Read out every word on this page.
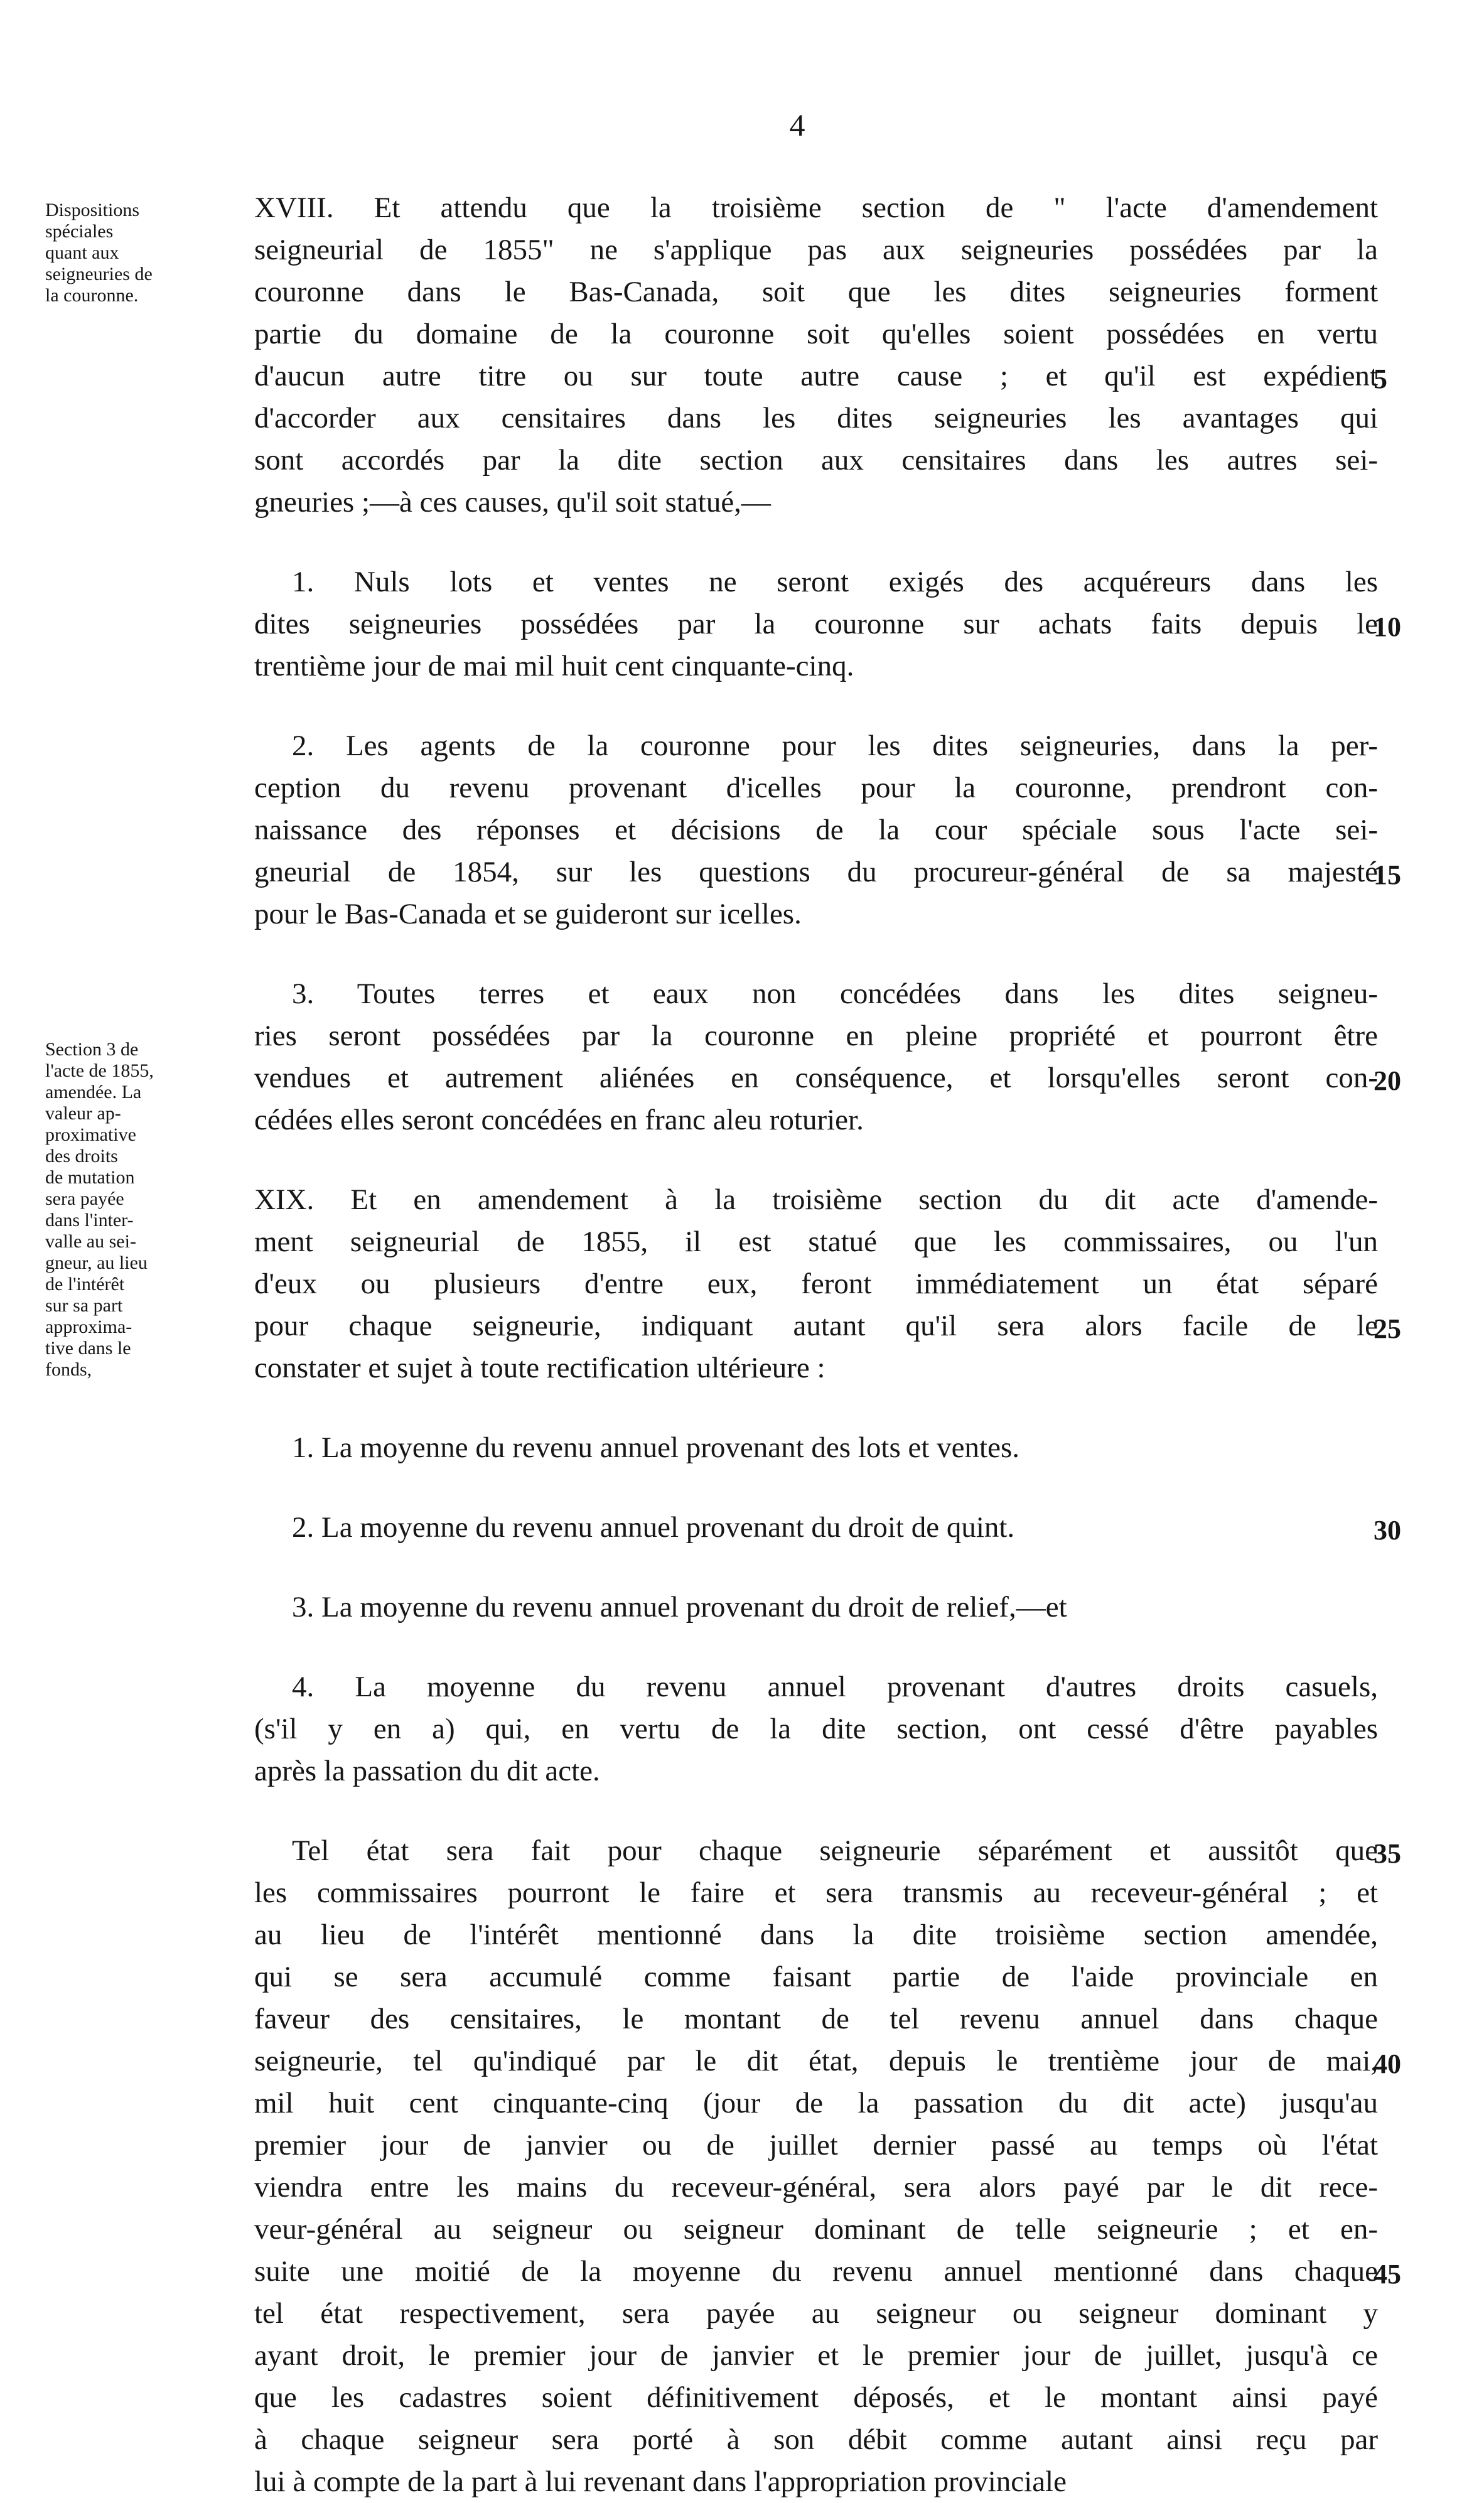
4
Dispositions
spéciales
quant aux
seigneuries de
la couronne.
Section 3 de
l'acte de 1855,
amendée. La
valeur ap-
proximative
des droits
de mutation
sera payée
dans l'inter-
valle au sei-
gneur, au lieu
de l'intérêt
sur sa part
approxima-
tive dans le
fonds,
XVIII. Et attendu que la troisième section de " l'acte d'amendement
seigneurial de 1855" ne s'applique pas aux seigneuries possédées par la
couronne dans le Bas-Canada, soit que les dites seigneuries forment
partie du domaine de la couronne soit qu'elles soient possédées en vertu
d'aucun autre titre ou sur toute autre cause ; et qu'il est expédient
d'accorder aux censitaires dans les dites seigneuries les avantages qui
sont accordés par la dite section aux censitaires dans les autres sei-
gneuries ;—à ces causes, qu'il soit statué,—
1. Nuls lots et ventes ne seront exigés des acquéreurs dans les
dites seigneuries possédées par la couronne sur achats faits depuis le
trentième jour de mai mil huit cent cinquante-cinq.
2. Les agents de la couronne pour les dites seigneuries, dans la per-
ception du revenu provenant d'icelles pour la couronne, prendront con-
naissance des réponses et décisions de la cour spéciale sous l'acte sei-
gneurial de 1854, sur les questions du procureur-général de sa majesté
pour le Bas-Canada et se guideront sur icelles.
3. Toutes terres et eaux non concédées dans les dites seigneu-
ries seront possédées par la couronne en pleine propriété et pourront être
vendues et autrement aliénées en conséquence, et lorsqu'elles seront con-
cédées elles seront concédées en franc aleu roturier.
XIX. Et en amendement à la troisième section du dit acte d'amende-
ment seigneurial de 1855, il est statué que les commissaires, ou l'un
d'eux ou plusieurs d'entre eux, feront immédiatement un état séparé
pour chaque seigneurie, indiquant autant qu'il sera alors facile de le
constater et sujet à toute rectification ultérieure :
1. La moyenne du revenu annuel provenant des lots et ventes.
2. La moyenne du revenu annuel provenant du droit de quint.
3. La moyenne du revenu annuel provenant du droit de relief,—et
4. La moyenne du revenu annuel provenant d'autres droits casuels,
(s'il y en a) qui, en vertu de la dite section, ont cessé d'être payables
après la passation du dit acte.
Tel état sera fait pour chaque seigneurie séparément et aussitôt que
les commissaires pourront le faire et sera transmis au receveur-général ; et
au lieu de l'intérêt mentionné dans la dite troisième section amendée,
qui se sera accumulé comme faisant partie de l'aide provinciale en
faveur des censitaires, le montant de tel revenu annuel dans chaque
seigneurie, tel qu'indiqué par le dit état, depuis le trentième jour de mai,
mil huit cent cinquante-cinq (jour de la passation du dit acte) jusqu'au
premier jour de janvier ou de juillet dernier passé au temps où l'état
viendra entre les mains du receveur-général, sera alors payé par le dit rece-
veur-général au seigneur ou seigneur dominant de telle seigneurie ; et en-
suite une moitié de la moyenne du revenu annuel mentionné dans chaque
tel état respectivement, sera payée au seigneur ou seigneur dominant y
ayant droit, le premier jour de janvier et le premier jour de juillet, jusqu'à ce
que les cadastres soient définitivement déposés, et le montant ainsi payé
à chaque seigneur sera porté à son débit comme autant ainsi reçu par
lui à compte de la part à lui revenant dans l'appropriation provinciale
5
10
15
20
25
30
35
40
45
